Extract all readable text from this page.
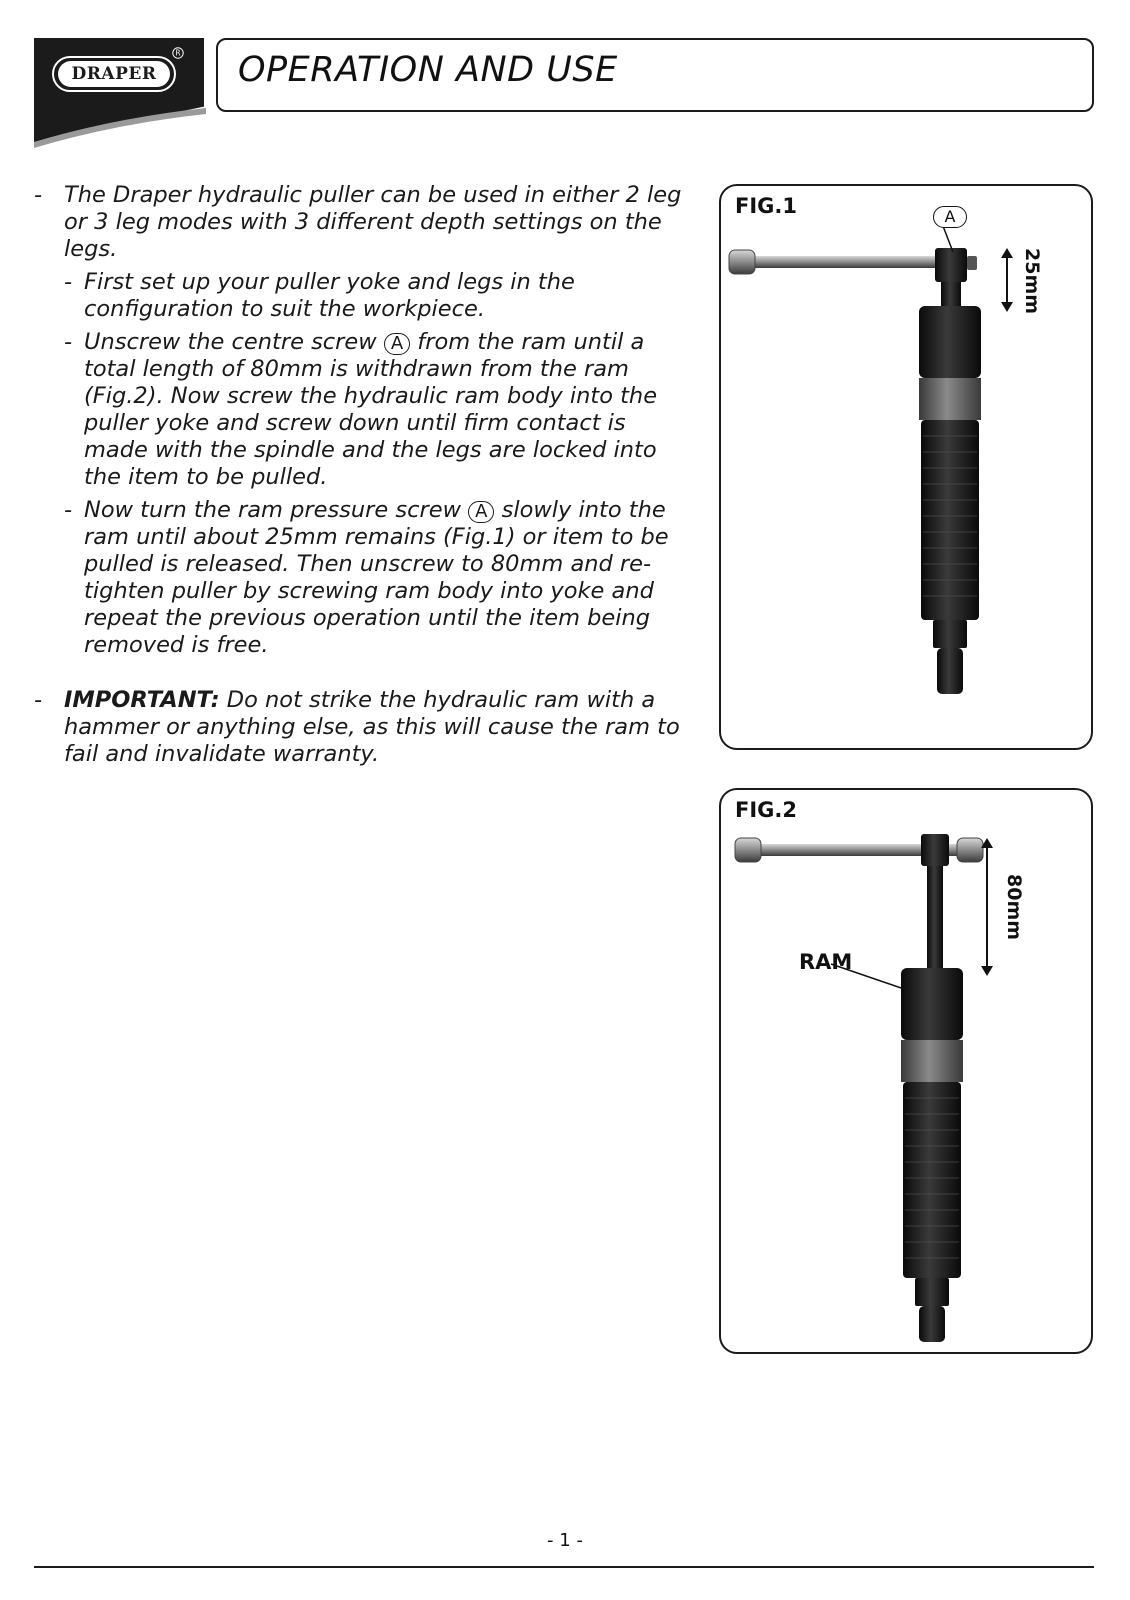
DRAPER
R OPERATION AND USE
- The Draper hydraulic puller can be used in either 2 leg or 3 leg modes with 3 different depth settings on the legs.
- First set up your puller yoke and legs in the configuration to suit the workpiece.
- Unscrew the centre screw A from the ram until a total length of 80mm is withdrawn from the ram (Fig.2). Now screw the hydraulic ram body into the puller yoke and screw down until firm contact is made with the spindle and the legs are locked into the item to be pulled.
- Now turn the ram pressure screw A slowly into the ram until about 25mm remains (Fig.1) or item to be pulled is released. Then unscrew to 80mm and re-tighten puller by screwing ram body into yoke and repeat the previous operation until the item being removed is free.
- IMPORTANT: Do not strike the hydraulic ram with a hammer or anything else, as this will cause the ram to fail and invalidate warranty.
FIG.1	A
25mm
FIG.2
RAM
80mm
- 1 -
